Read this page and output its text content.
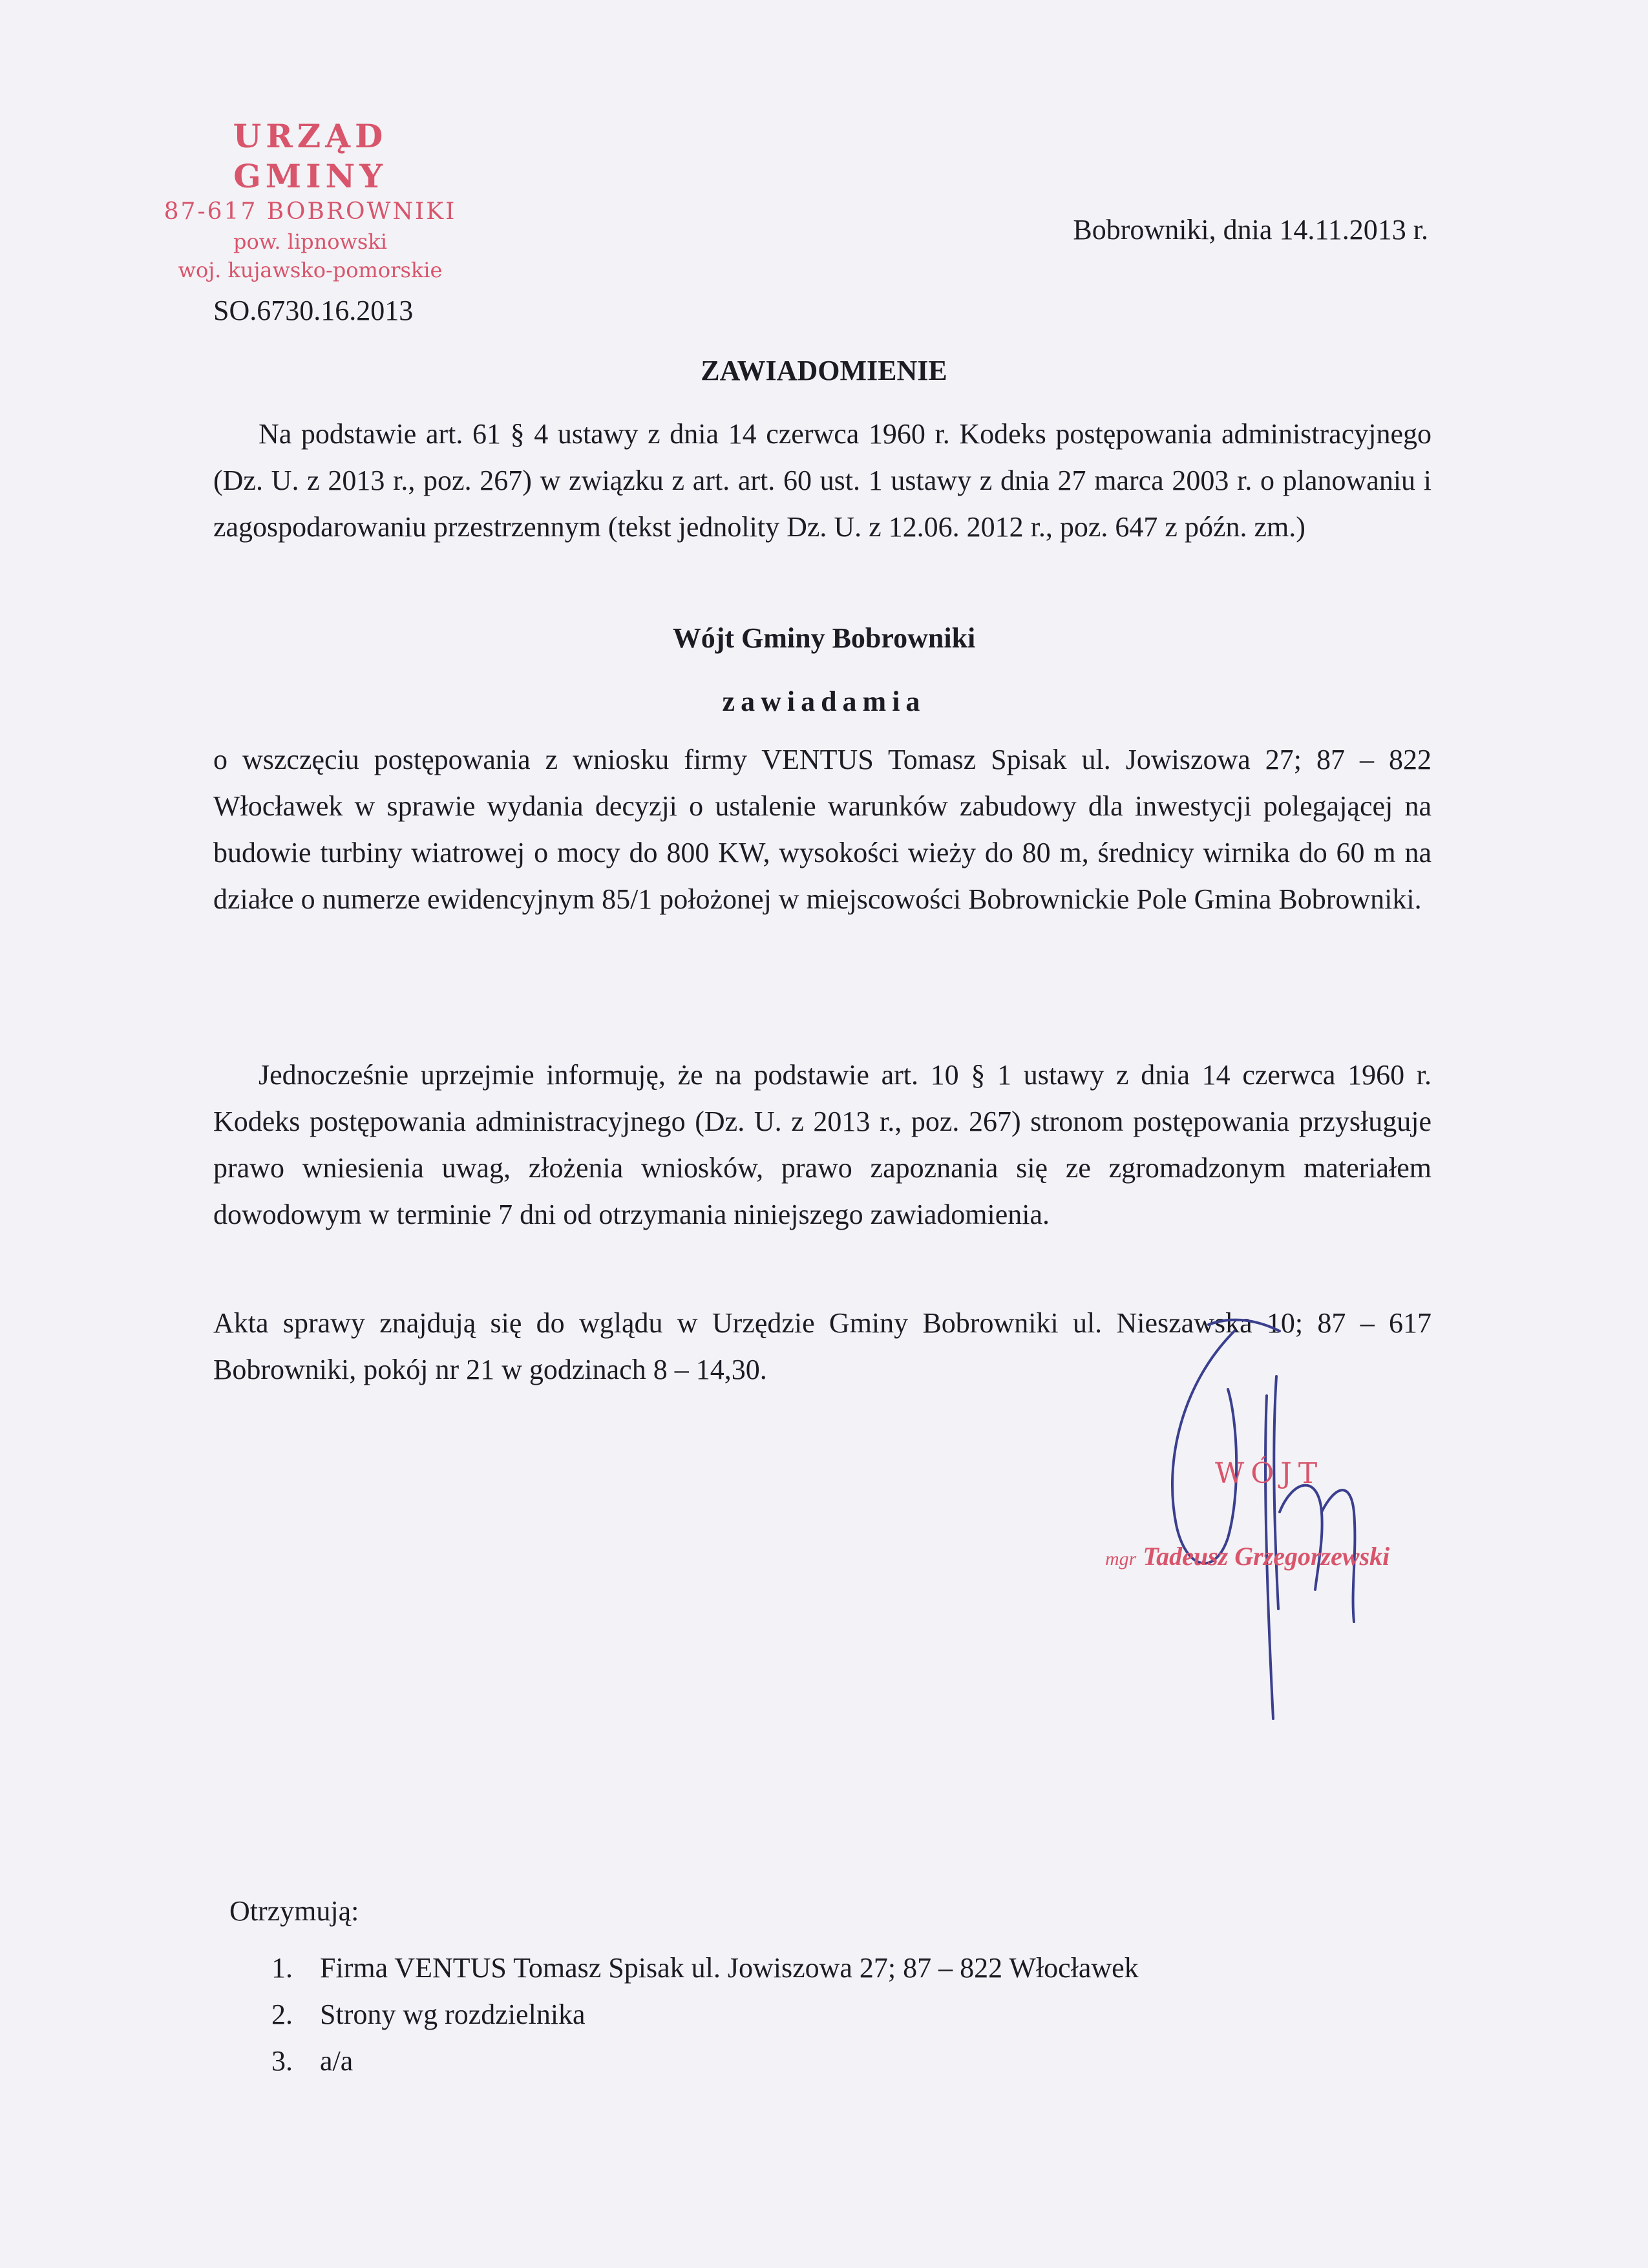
URZĄD GMINY
87-617 BOBROWNIKI
pow. lipnowski
woj. kujawsko-pomorskie
Bobrowniki, dnia 14.11.2013 r.
SO.6730.16.2013
ZAWIADOMIENIE

Na podstawie art. 61 § 4 ustawy z dnia 14 czerwca 1960 r. Kodeks postępowania administracyjnego (Dz. U. z 2013 r., poz. 267) w związku z art. art. 60 ust. 1 ustawy z dnia 27 marca 2003 r. o planowaniu i zagospodarowaniu przestrzennym (tekst jednolity Dz. U. z 12.06. 2012 r., poz. 647 z późn. zm.)

Wójt Gminy Bobrowniki
zawiadamia

o wszczęciu postępowania z wniosku firmy VENTUS Tomasz Spisak ul. Jowiszowa 27; 87 – 822 Włocławek w sprawie wydania decyzji o ustalenie warunków zabudowy dla inwestycji polegającej na budowie turbiny wiatrowej o mocy do 800 KW, wysokości wieży do 80 m, średnicy wirnika do 60 m na działce o numerze ewidencyjnym 85/1 położonej w miejscowości Bobrownickie Pole Gmina Bobrowniki.

Jednocześnie uprzejmie informuję, że na podstawie art. 10 § 1 ustawy z dnia 14 czerwca 1960 r. Kodeks postępowania administracyjnego (Dz. U. z 2013 r., poz. 267) stronom postępowania przysługuje prawo wniesienia uwag, złożenia wniosków, prawo zapoznania się ze zgromadzonym materiałem dowodowym w terminie 7 dni od otrzymania niniejszego zawiadomienia.

Akta sprawy znajdują się do wglądu w Urzędzie Gminy Bobrowniki ul. Nieszawska 10; 87 – 617 Bobrowniki, pokój nr 21 w godzinach 8 – 14,30.

WÓJT
mgr Tadeusz Grzegorzewski
Otrzymują:
1. Firma VENTUS Tomasz Spisak ul. Jowiszowa 27; 87 – 822 Włocławek
2. Strony wg rozdzielnika
3. a/a
